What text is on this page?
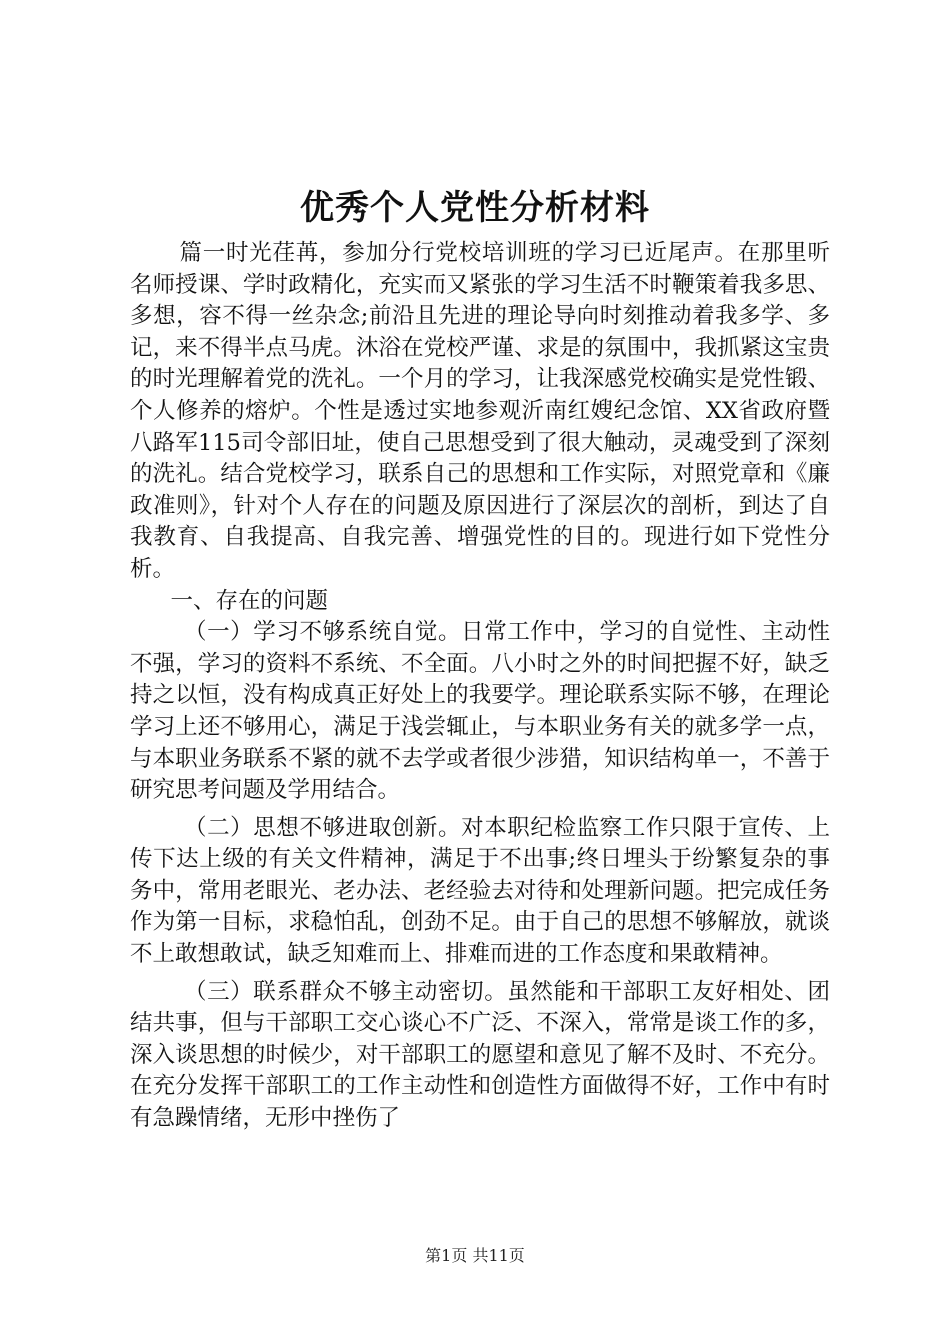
优秀个人党性分析材料

篇一时光荏苒，参加分行党校培训班的学习已近尾声。在那里听名师授课、学时政精化，充实而又紧张的学习生活不时鞭策着我多思、多想，容不得一丝杂念;前沿且先进的理论导向时刻推动着我多学、多记，来不得半点马虎。沐浴在党校严谨、求是的氛围中，我抓紧这宝贵的时光理解着党的洗礼。一个月的学习，让我深感党校确实是党性锻、个人修养的熔炉。个性是透过实地参观沂南红嫂纪念馆、XX省政府暨八路军115司令部旧址，使自己思想受到了很大触动，灵魂受到了深刻的洗礼。结合党校学习，联系自己的思想和工作实际，对照党章和《廉政准则》，针对个人存在的问题及原因进行了深层次的剖析，到达了自我教育、自我提高、自我完善、增强党性的目的。现进行如下党性分析。

一、存在的问题

（一）学习不够系统自觉。日常工作中，学习的自觉性、主动性不强，学习的资料不系统、不全面。八小时之外的时间把握不好，缺乏持之以恒，没有构成真正好处上的我要学。理论联系实际不够，在理论学习上还不够用心，满足于浅尝辄止，与本职业务有关的就多学一点，与本职业务联系不紧的就不去学或者很少涉猎，知识结构单一，不善于研究思考问题及学用结合。

（二）思想不够进取创新。对本职纪检监察工作只限于宣传、上传下达上级的有关文件精神，满足于不出事;终日埋头于纷繁复杂的事务中，常用老眼光、老办法、老经验去对待和处理新问题。把完成任务作为第一目标，求稳怕乱，创劲不足。由于自己的思想不够解放，就谈不上敢想敢试，缺乏知难而上、排难而进的工作态度和果敢精神。

（三）联系群众不够主动密切。虽然能和干部职工友好相处、团结共事，但与干部职工交心谈心不广泛、不深入，常常是谈工作的多，深入谈思想的时候少，对干部职工的愿望和意见了解不及时、不充分。在充分发挥干部职工的工作主动性和创造性方面做得不好，工作中有时有急躁情绪，无形中挫伤了

第1页 共11页
